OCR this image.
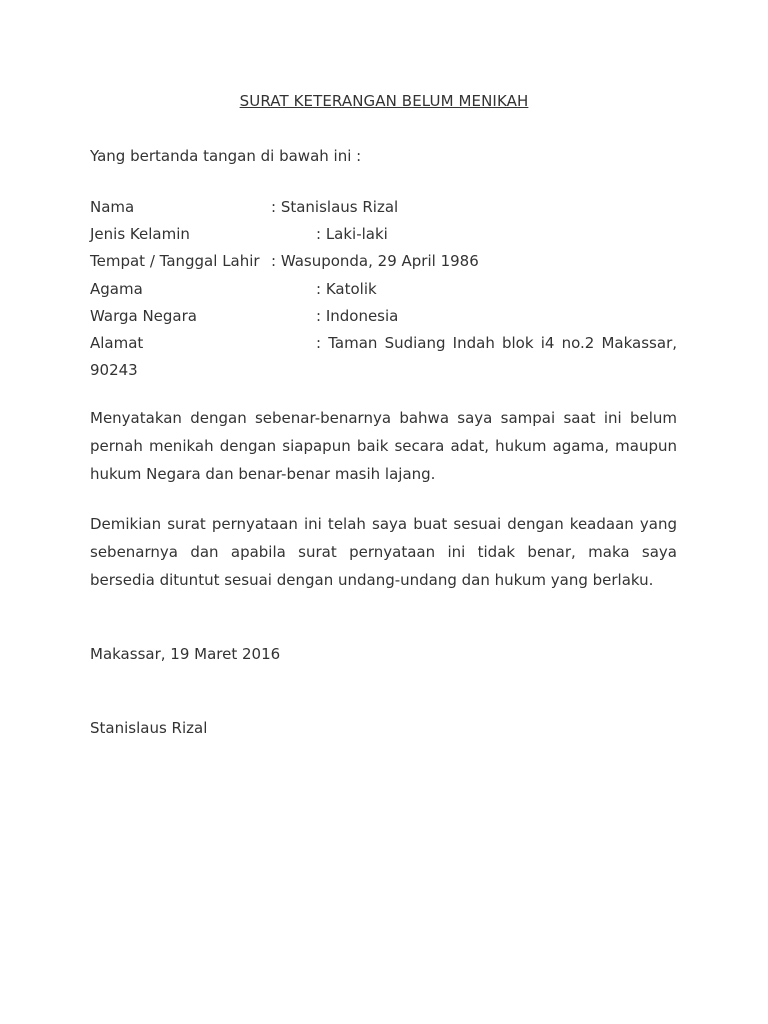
SURAT KETERANGAN BELUM MENIKAH
Yang bertanda tangan di bawah ini :
Nama	: Stanislaus Rizal
Jenis Kelamin	: Laki-laki
Tempat / Tanggal Lahir : Wasuponda, 29 April 1986
Agama	: Katolik
Warga Negara	: Indonesia
Alamat	: Taman Sudiang Indah blok i4 no.2 Makassar,
90243
Menyatakan dengan sebenar-benarnya bahwa saya sampai saat ini belum pernah menikah dengan siapapun baik secara adat, hukum agama, maupun hukum Negara dan benar-benar masih lajang.
Demikian surat pernyataan ini telah saya buat sesuai dengan keadaan yang sebenarnya dan apabila surat pernyataan ini tidak benar, maka saya bersedia dituntut sesuai dengan undang-undang dan hukum yang berlaku.
Makassar, 19 Maret 2016
Stanislaus Rizal
